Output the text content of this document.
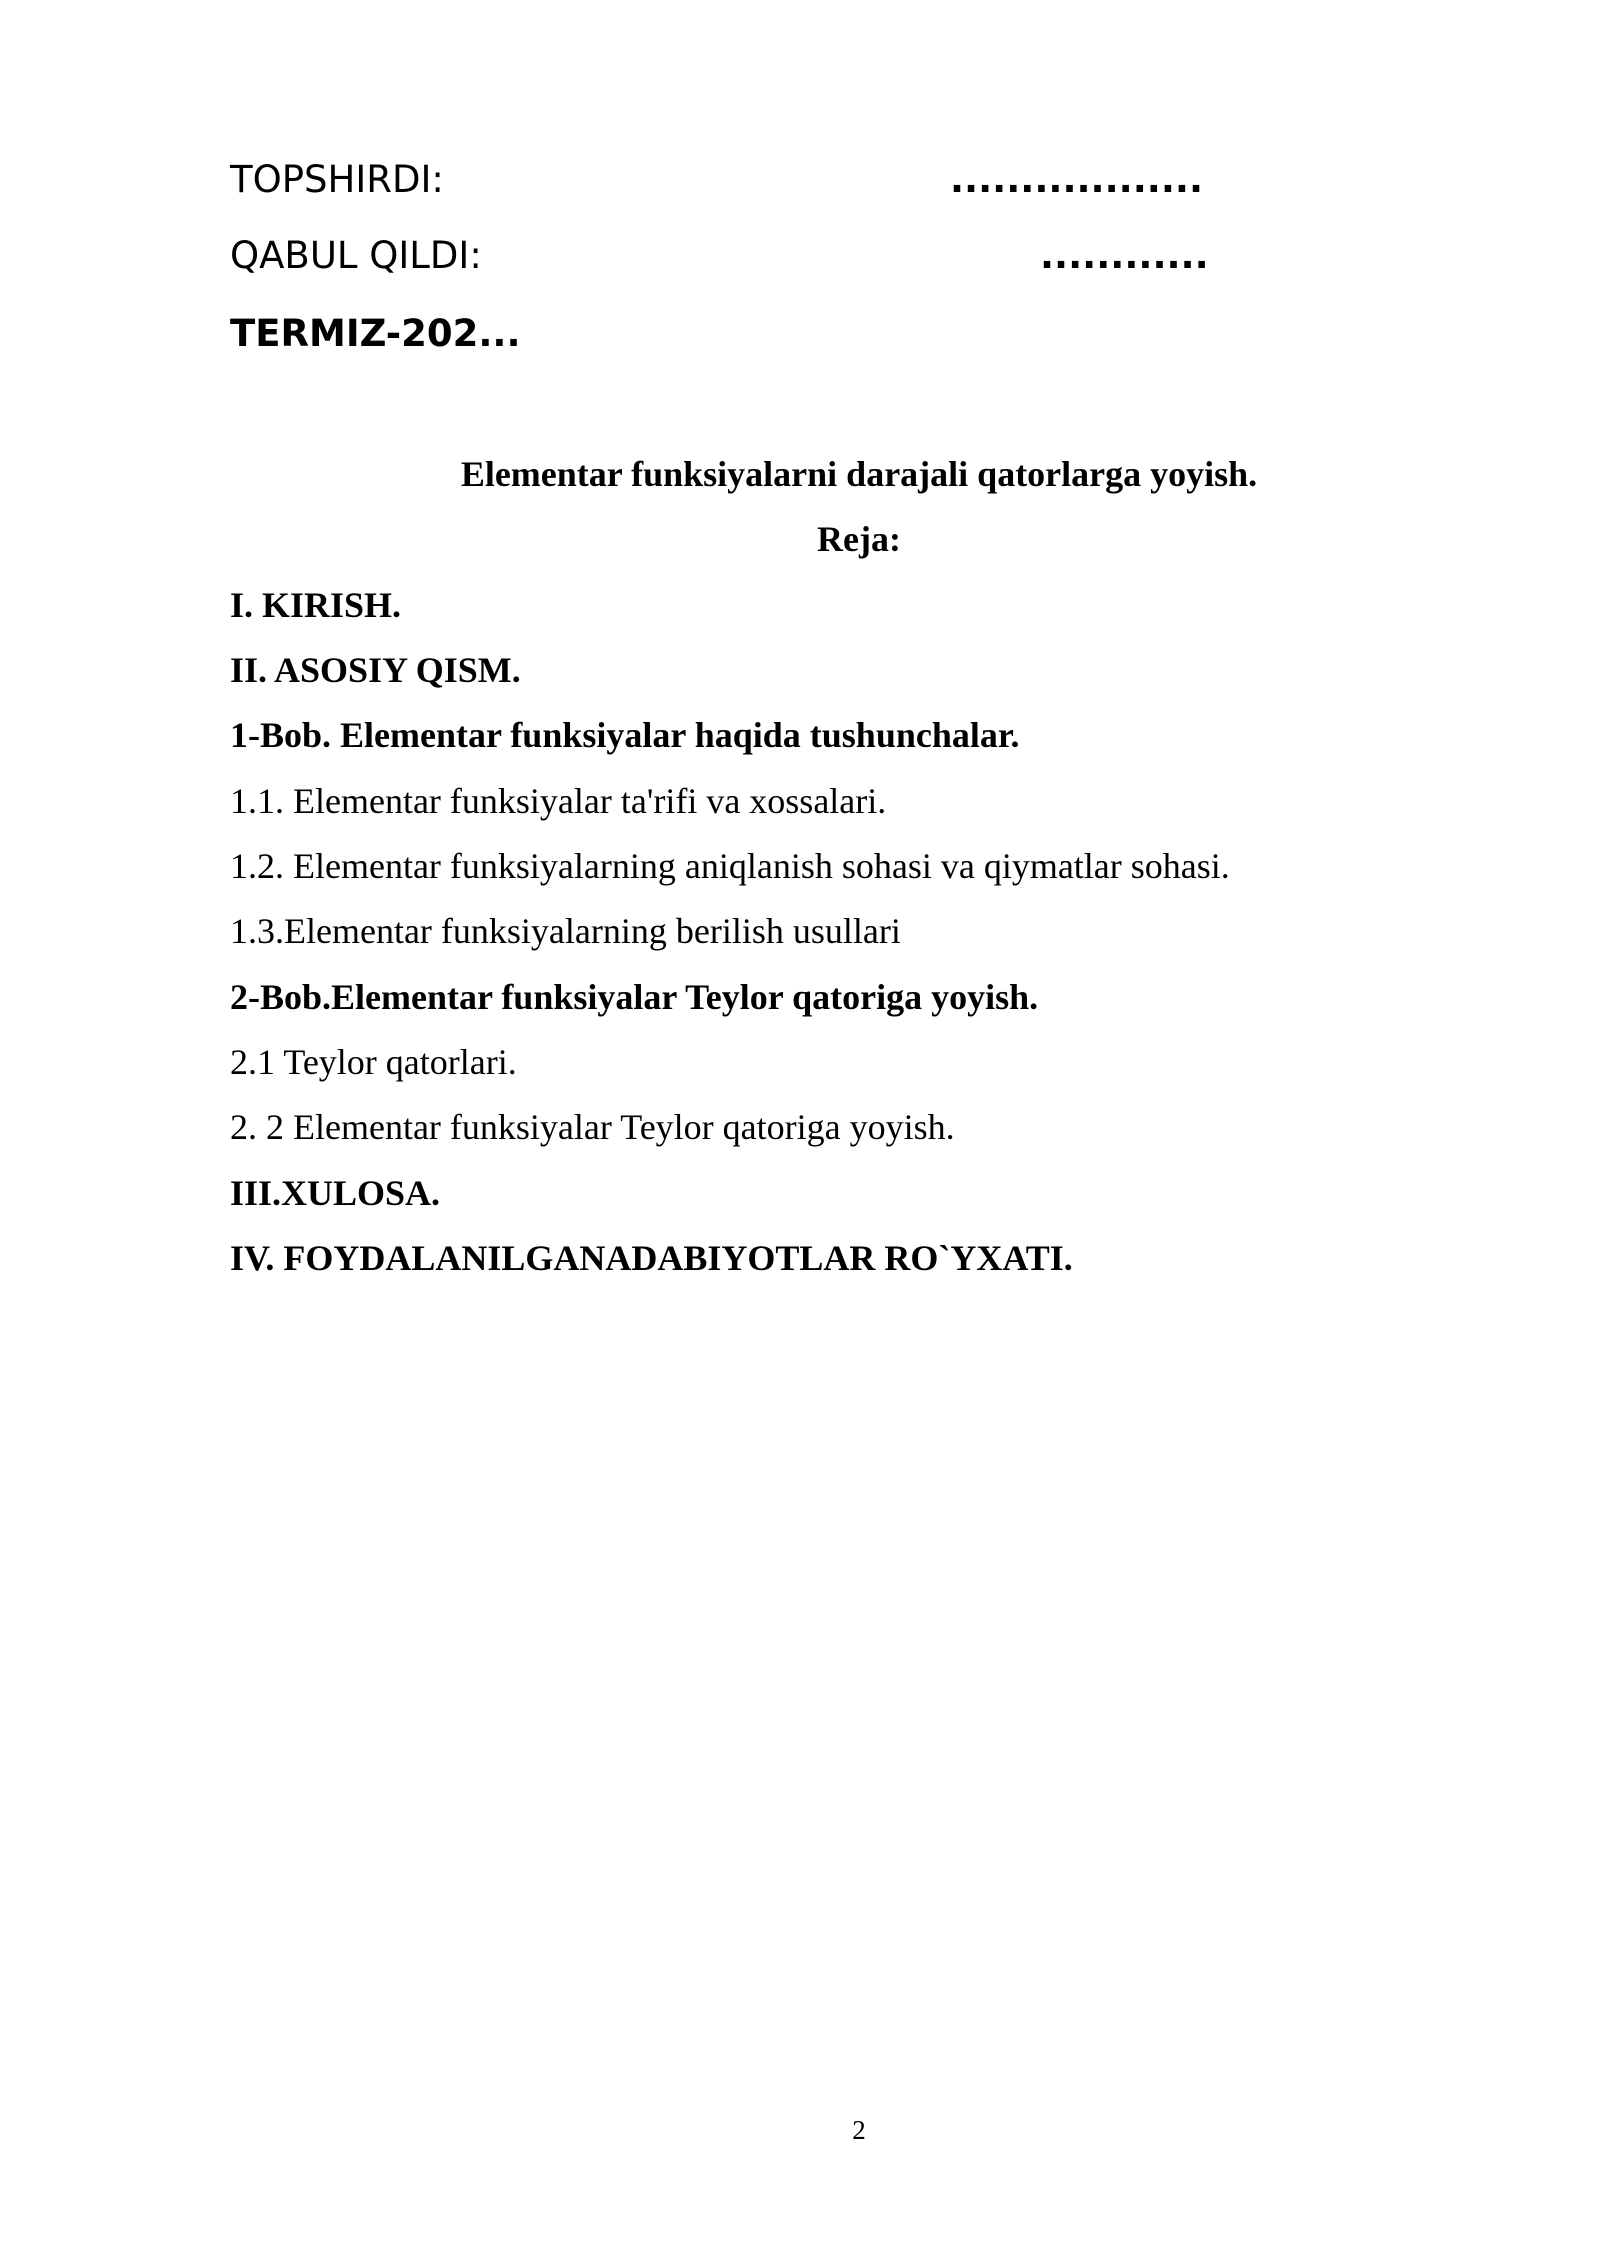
TOPSHIRDI:	..................
QABUL QILDI:	............
TERMIZ-202...
Elementar funksiyalarni darajali qatorlarga yoyish.
Reja:
I. KIRISH.
II. ASOSIY QISM.
1-Bob. Elementar funksiyalar haqida tushunchalar.
1.1. Elementar funksiyalar ta'rifi va xossalari.
1.2. Elementar funksiyalarning aniqlanish sohasi va qiymatlar sohasi.
1.3.Elementar funksiyalarning berilish usullari
2-Bob.Elementar funksiyalar Teylor qatoriga yoyish.
2.1 Teylor qatorlari.
2. 2 Elementar funksiyalar Teylor qatoriga yoyish.
III.XULOSA.
IV. FOYDALANILGANADABIYOTLAR RO`YXATI.
2
